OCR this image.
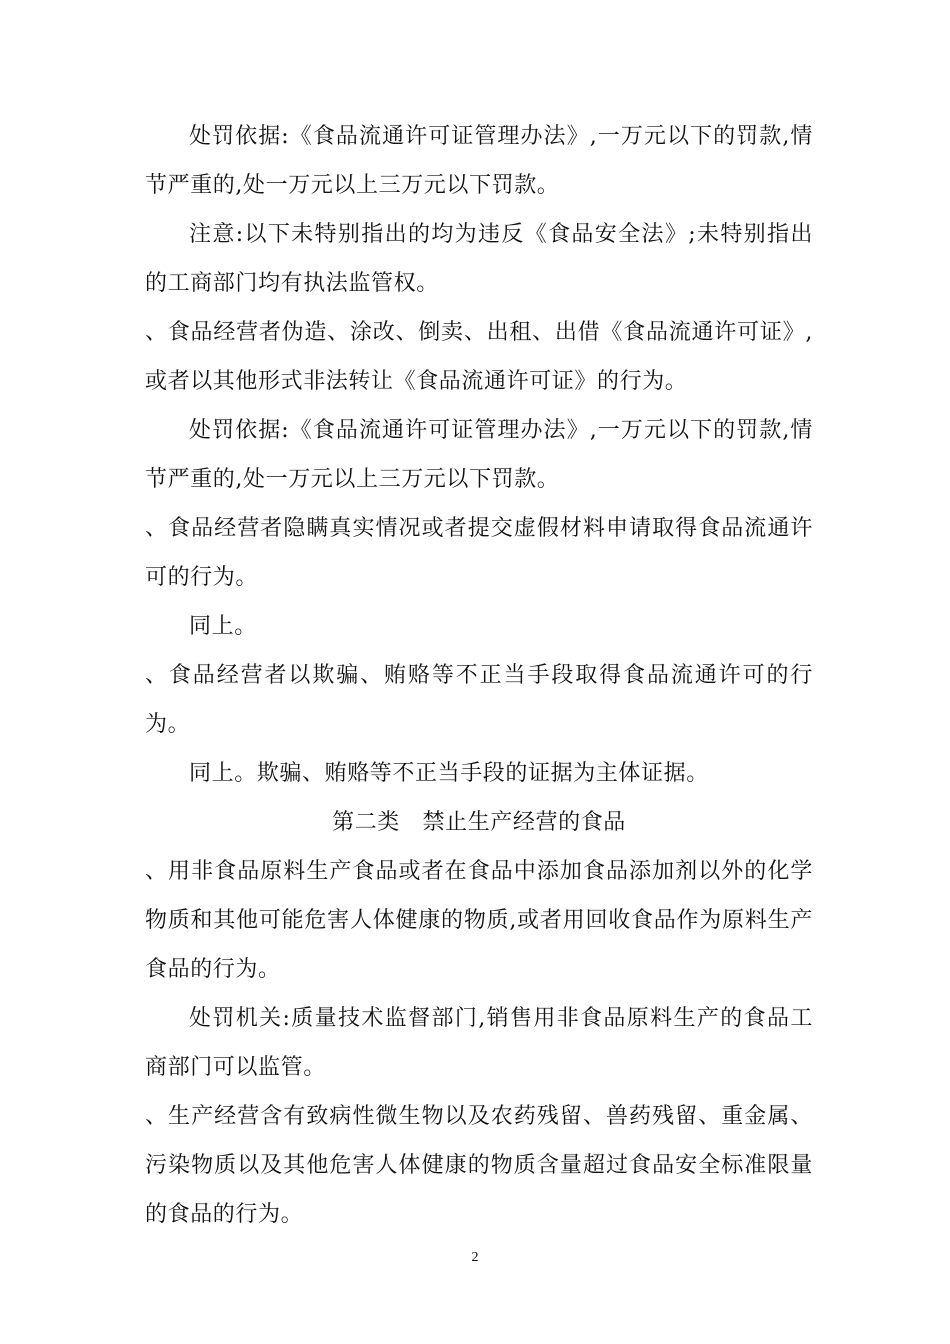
处罚依据:《食品流通许可证管理办法》,一万元以下的罚款,情节严重的,处一万元以上三万元以下罚款。

注意:以下未特别指出的均为违反《食品安全法》;未特别指出的工商部门均有执法监管权。

、食品经营者伪造、涂改、倒卖、出租、出借《食品流通许可证》,或者以其他形式非法转让《食品流通许可证》的行为。

处罚依据:《食品流通许可证管理办法》,一万元以下的罚款,情节严重的,处一万元以上三万元以下罚款。

、食品经营者隐瞒真实情况或者提交虚假材料申请取得食品流通许可的行为。

同上。

、食品经营者以欺骗、贿赂等不正当手段取得食品流通许可的行为。

同上。欺骗、贿赂等不正当手段的证据为主体证据。

第二类　禁止生产经营的食品

、用非食品原料生产食品或者在食品中添加食品添加剂以外的化学物质和其他可能危害人体健康的物质,或者用回收食品作为原料生产食品的行为。

处罚机关:质量技术监督部门,销售用非食品原料生产的食品工商部门可以监管。

、生产经营含有致病性微生物以及农药残留、兽药残留、重金属、污染物质以及其他危害人体健康的物质含量超过食品安全标准限量的食品的行为。

2
